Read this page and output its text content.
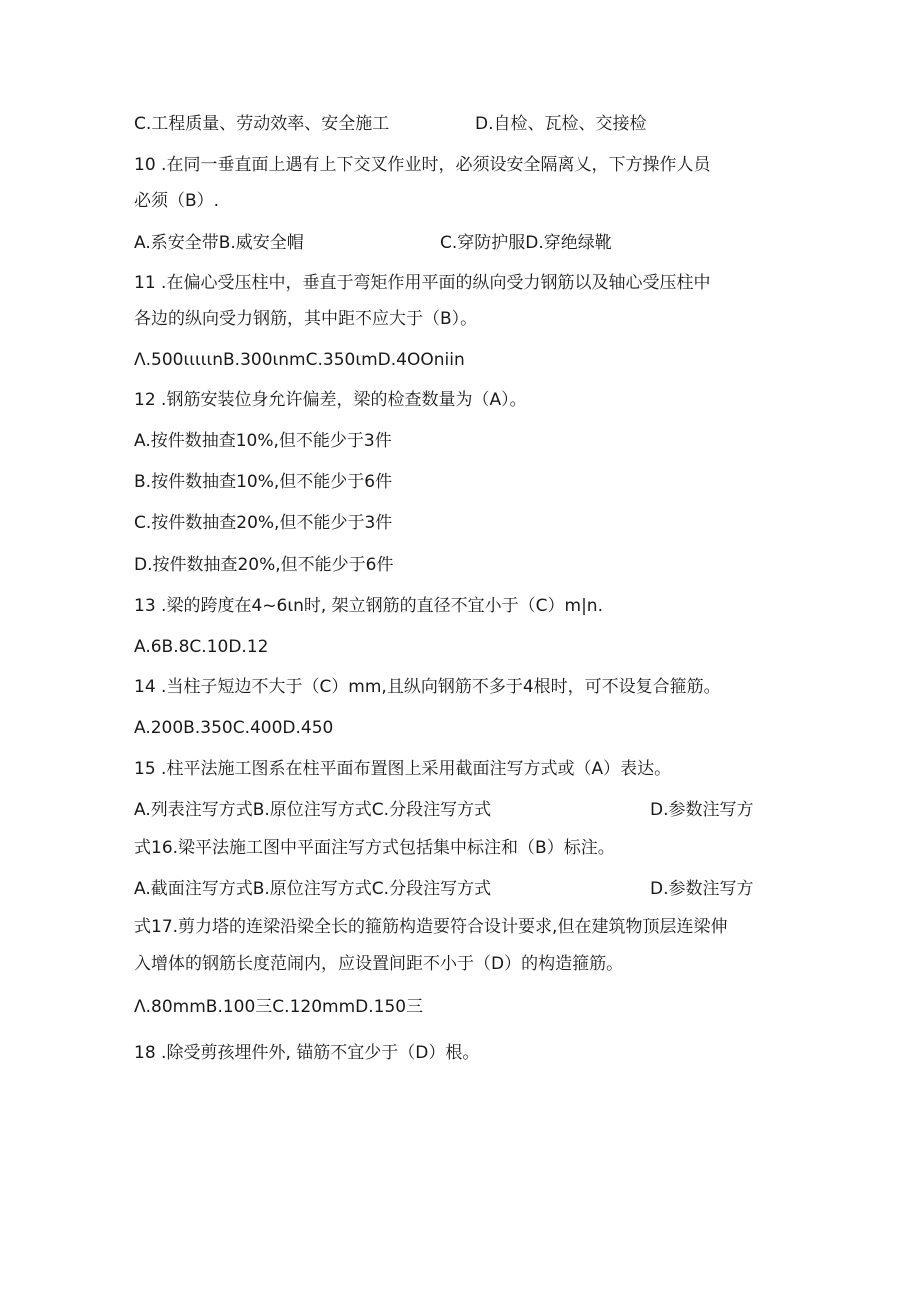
C.工程质量、劳动效率、安全施工	D.自检、瓦检、交接检
10 .在同一垂直面上遇有上下交叉作业时，必须设安全隔离乂，下方操作人员
必须（B）.
A.系安全带B.威安全帽	C.穿防护服D.穿绝绿靴
11 .在偏心受压柱中，垂直于弯矩作用平面的纵向受力钢筋以及轴心受压柱中
各边的纵向受力钢筋，其中距不应大于（B）。
Λ.500ιιιιιnB.300ιnmC.350ιmD.4OOniin
12 .钢筋安装位身允许偏差，梁的检查数量为（A）。
A.按件数抽查10%,但不能少于3件
B.按件数抽查10%,但不能少于6件
C.按件数抽查20%,但不能少于3件
D.按件数抽查20%,但不能少于6件
13 .梁的跨度在4~6ιn时, 架立钢筋的直径不宜小于（C）m|n.
A.6B.8C.10D.12
14 .当柱子短边不大于（C）mm,且纵向钢筋不多于4根时，可不设复合箍筋。
A.200B.350C.400D.450
15 .柱平法施工图系在柱平面布置图上采用截面注写方式或（A）表达。
A.列表注写方式B.原位注写方式C.分段注写方式	D.参数注写方
式16.梁平法施工图中平面注写方式包括集中标注和（B）标注。
A.截面注写方式B.原位注写方式C.分段注写方式	D.参数注写方
式17.剪力塔的连梁沿梁全长的箍筋构造要符合设计要求,但在建筑物顶层连梁伸
入增体的钢筋长度范闹内，应设置间距不小于（D）的构造箍筋。
Λ.80mmB.100三C.120mmD.150三
18 .除受剪孩埋件外, 锚筋不宜少于（D）根。
